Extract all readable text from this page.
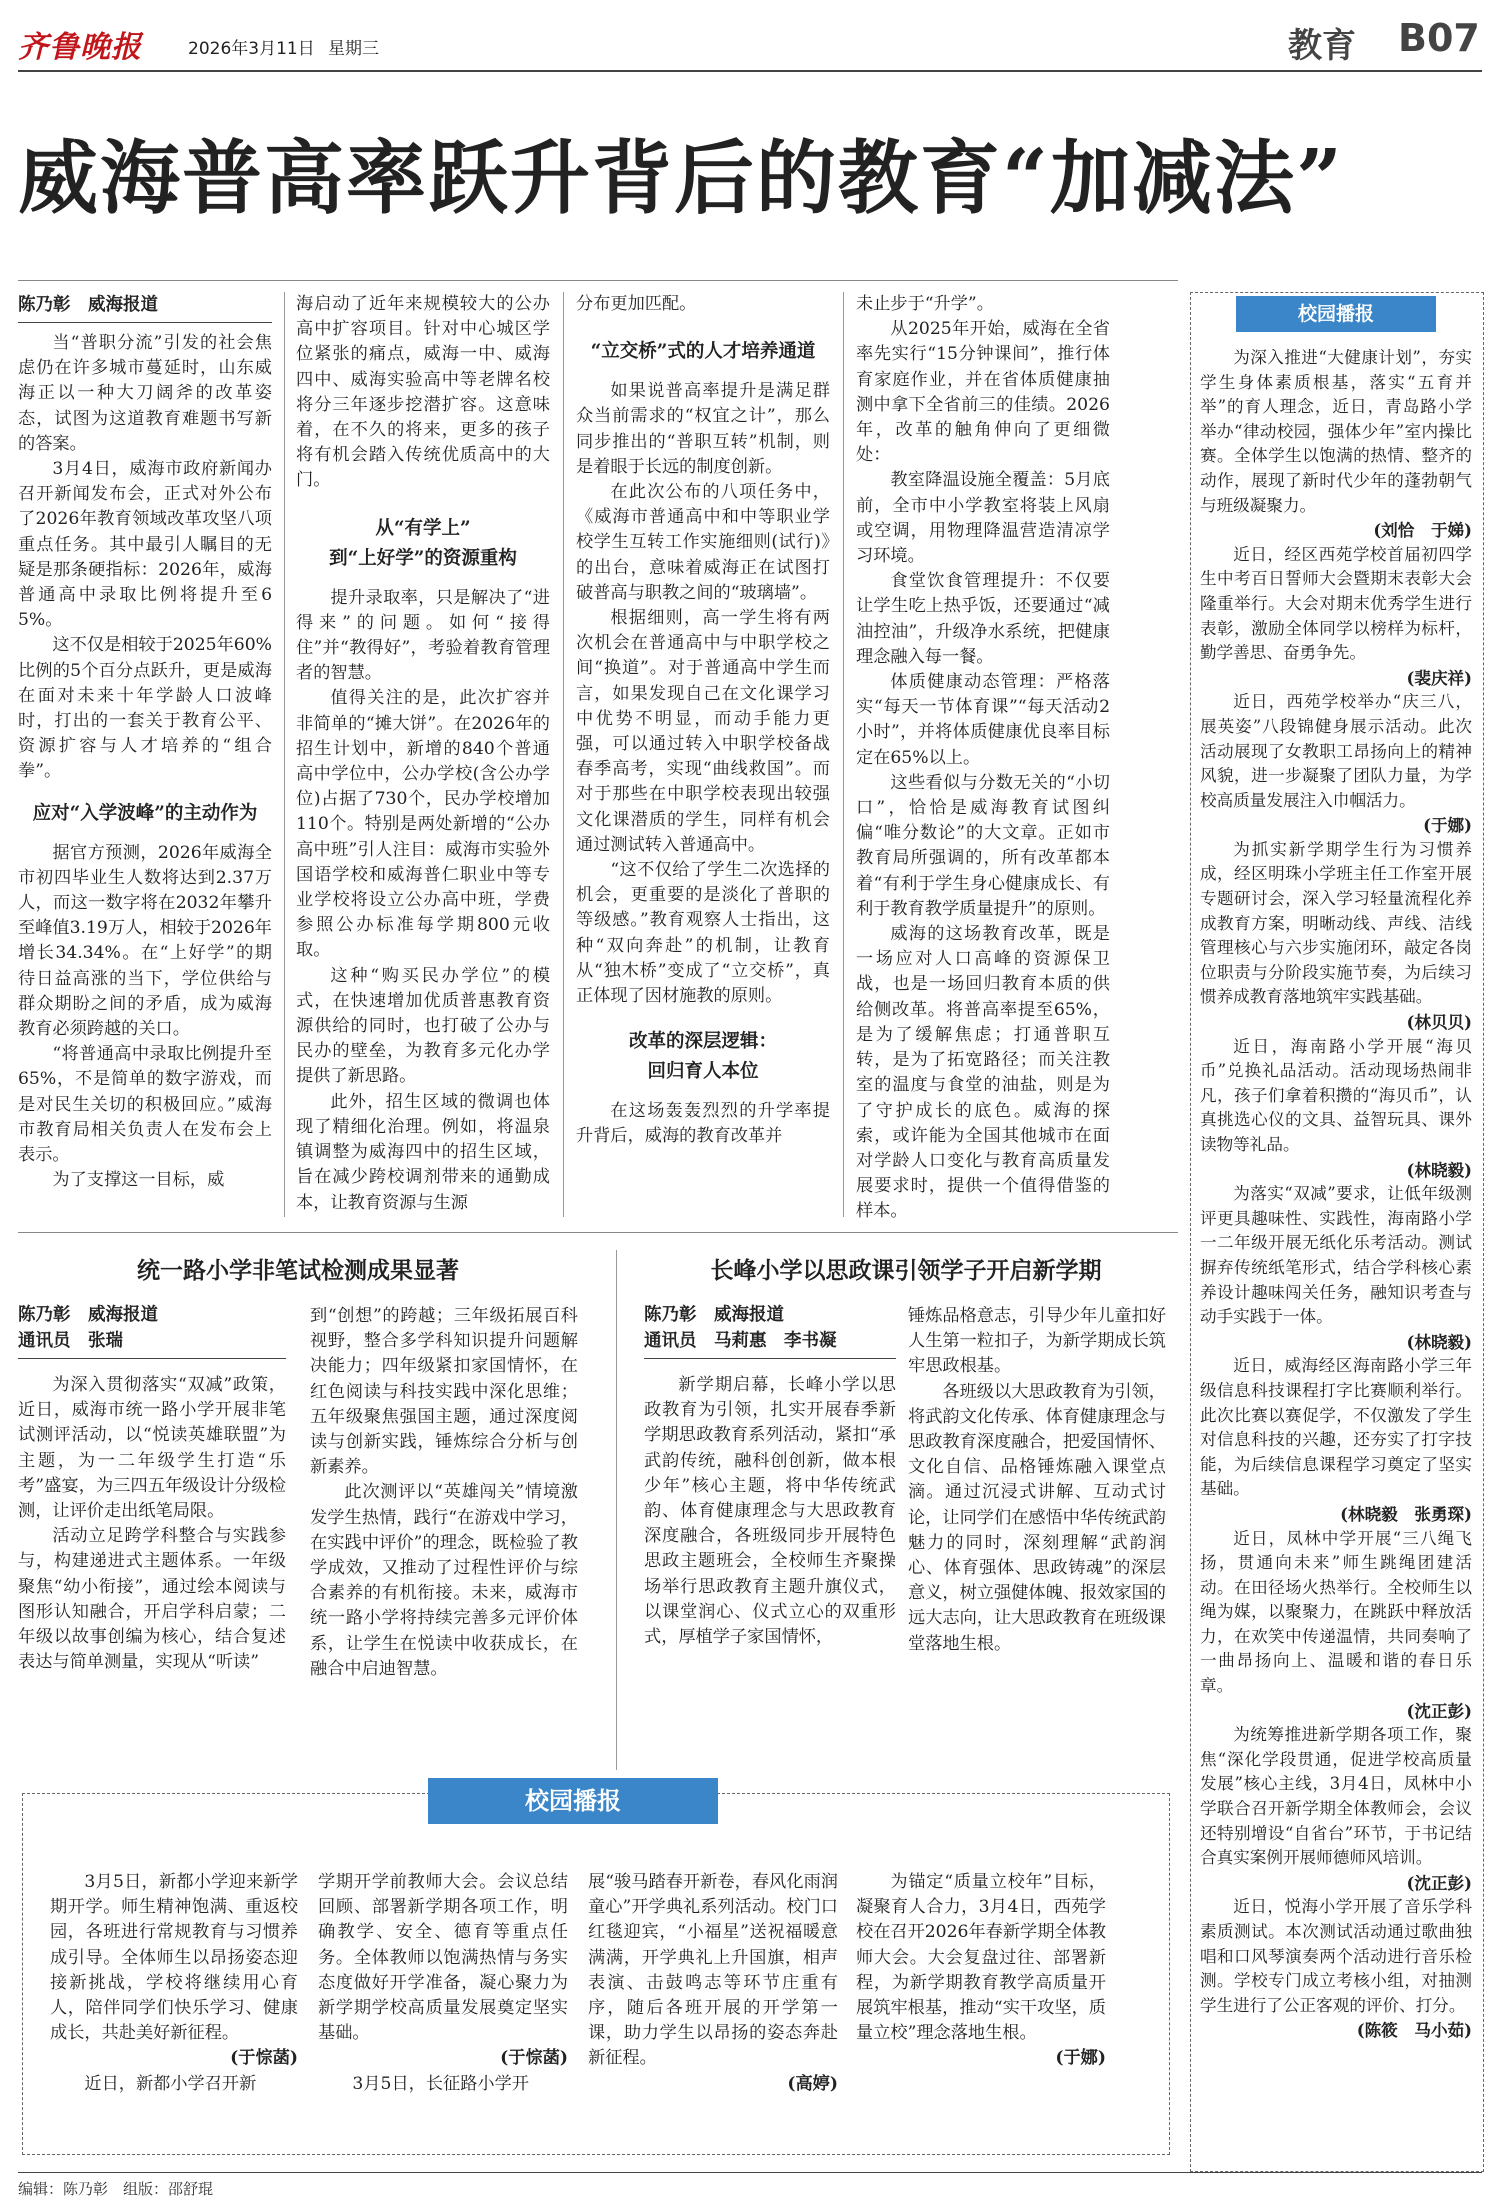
齐鲁晚报	2026年3月11日 星期三	教育 B07
威海普高率跃升背后的教育“加减法”
陈乃彰　威海报道

当“普职分流”引发的社会焦虑仍在许多城市蔓延时，山东威海正以一种大刀阔斧的改革姿态，试图为这道教育难题书写新的答案。

3月4日，威海市政府新闻办召开新闻发布会，正式对外公布了2026年教育领域改革攻坚八项重点任务。其中最引人瞩目的无疑是那条硬指标：2026年，威海普通高中录取比例将提升至65%。

这不仅是相较于2025年60%比例的5个百分点跃升，更是威海在面对未来十年学龄人口波峰时，打出的一套关于教育公平、资源扩容与人才培养的“组合拳”。

应对“入学波峰”的主动作为

据官方预测，2026年威海全市初四毕业生人数将达到2.37万人，而这一数字将在2032年攀升至峰值3.19万人，相较于2026年增长34.34%。在“上好学”的期待日益高涨的当下，学位供给与群众期盼之间的矛盾，成为威海教育必须跨越的关口。

“将普通高中录取比例提升至65%，不是简单的数字游戏，而是对民生关切的积极回应。”威海市教育局相关负责人在发布会上表示。

为了支撑这一目标，威

海启动了近年来规模较大的公办高中扩容项目。针对中心城区学位紧张的痛点，威海一中、威海四中、威海实验高中等老牌名校将分三年逐步挖潜扩容。这意味着，在不久的将来，更多的孩子将有机会踏入传统优质高中的大门。

从“有学上”
到“上好学”的资源重构

提升录取率，只是解决了“进得来”的问题。如何“接得住”并“教得好”，考验着教育管理者的智慧。

值得关注的是，此次扩容并非简单的“摊大饼”。在2026年的招生计划中，新增的840个普通高中学位中，公办学校(含公办学位)占据了730个，民办学校增加110个。特别是两处新增的“公办高中班”引人注目：威海市实验外国语学校和威海普仁职业中等专业学校将设立公办高中班，学费参照公办标准每学期800元收取。

这种“购买民办学位”的模式，在快速增加优质普惠教育资源供给的同时，也打破了公办与民办的壁垒，为教育多元化办学提供了新思路。

此外，招生区域的微调也体现了精细化治理。例如，将温泉镇调整为威海四中的招生区域，旨在减少跨校调剂带来的通勤成本，让教育资源与生源

分布更加匹配。

“立交桥”式的人才培养通道

如果说普高率提升是满足群众当前需求的“权宜之计”，那么同步推出的“普职互转”机制，则是着眼于长远的制度创新。

在此次公布的八项任务中，《威海市普通高中和中等职业学校学生互转工作实施细则(试行)》的出台，意味着威海正在试图打破普高与职教之间的“玻璃墙”。

根据细则，高一学生将有两次机会在普通高中与中职学校之间“换道”。对于普通高中学生而言，如果发现自己在文化课学习中优势不明显，而动手能力更强，可以通过转入中职学校备战春季高考，实现“曲线救国”。而对于那些在中职学校表现出较强文化课潜质的学生，同样有机会通过测试转入普通高中。

“这不仅给了学生二次选择的机会，更重要的是淡化了普职的等级感。”教育观察人士指出，这种“双向奔赴”的机制，让教育从“独木桥”变成了“立交桥”，真正体现了因材施教的原则。

改革的深层逻辑：
回归育人本位

在这场轰轰烈烈的升学率提升背后，威海的教育改革并

未止步于“升学”。

从2025年开始，威海在全省率先实行“15分钟课间”，推行体育家庭作业，并在省体质健康抽测中拿下全省前三的佳绩。2026年，改革的触角伸向了更细微处：

教室降温设施全覆盖：5月底前，全市中小学教室将装上风扇或空调，用物理降温营造清凉学习环境。

食堂饮食管理提升：不仅要让学生吃上热乎饭，还要通过“减油控油”，升级净水系统，把健康理念融入每一餐。

体质健康动态管理：严格落实“每天一节体育课”“每天活动2小时”，并将体质健康优良率目标定在65%以上。

这些看似与分数无关的“小切口”，恰恰是威海教育试图纠偏“唯分数论”的大文章。正如市教育局所强调的，所有改革都本着“有利于学生身心健康成长、有利于教育教学质量提升”的原则。

威海的这场教育改革，既是一场应对人口高峰的资源保卫战，也是一场回归教育本质的供给侧改革。将普高率提至65%，是为了缓解焦虑；打通普职互转，是为了拓宽路径；而关注教室的温度与食堂的油盐，则是为了守护成长的底色。威海的探索，或许能为全国其他城市在面对学龄人口变化与教育高质量发展要求时，提供一个值得借鉴的样本。

统一路小学非笔试检测成果显著
陈乃彰　威海报道
通讯员　张瑞

为深入贯彻落实“双减”政策，近日，威海市统一路小学开展非笔试测评活动，以“悦读英雄联盟”为主题，为一二年级学生打造“乐考”盛宴，为三四五年级设计分级检测，让评价走出纸笔局限。

活动立足跨学科整合与实践参与，构建递进式主题体系。一年级聚焦“幼小衔接”，通过绘本阅读与图形认知融合，开启学科启蒙；二年级以故事创编为核心，结合复述表达与简单测量，实现从“听读”

到“创想”的跨越；三年级拓展百科视野，整合多学科知识提升问题解决能力；四年级紧扣家国情怀，在红色阅读与科技实践中深化思维；五年级聚焦强国主题，通过深度阅读与创新实践，锤炼综合分析与创新素养。

此次测评以“英雄闯关”情境激发学生热情，践行“在游戏中学习，在实践中评价”的理念，既检验了教学成效，又推动了过程性评价与综合素养的有机衔接。未来，威海市统一路小学将持续完善多元评价体系，让学生在悦读中收获成长，在融合中启迪智慧。

长峰小学以思政课引领学子开启新学期
陈乃彰　威海报道
通讯员　马莉惠　李书凝

新学期启幕，长峰小学以思政教育为引领，扎实开展春季新学期思政教育系列活动，紧扣“承武韵传统，融科创创新，做本根少年”核心主题，将中华传统武韵、体育健康理念与大思政教育深度融合，各班级同步开展特色思政主题班会，全校师生齐聚操场举行思政教育主题升旗仪式，以课堂润心、仪式立心的双重形式，厚植学子家国情怀，

锤炼品格意志，引导少年儿童扣好人生第一粒扣子，为新学期成长筑牢思政根基。

各班级以大思政教育为引领，将武韵文化传承、体育健康理念与思政教育深度融合，把爱国情怀、文化自信、品格锤炼融入课堂点滴。通过沉浸式讲解、互动式讨论，让同学们在感悟中华传统武韵魅力的同时，深刻理解“武韵润心、体育强体、思政铸魂”的深层意义，树立强健体魄、报效家国的远大志向，让大思政教育在班级课堂落地生根。

校园播报

3月5日，新都小学迎来新学期开学。师生精神饱满、重返校园，各班进行常规教育与习惯养成引导。全体师生以昂扬姿态迎接新挑战，学校将继续用心育人，陪伴同学们快乐学习、健康成长，共赴美好新征程。

(于悰菡)

近日，新都小学召开新

学期开学前教师大会。会议总结回顾、部署新学期各项工作，明确教学、安全、德育等重点任务。全体教师以饱满热情与务实态度做好开学准备，凝心聚力为新学期学校高质量发展奠定坚实基础。

(于悰菡)

3月5日，长征路小学开

展“骏马踏春开新卷，春风化雨润童心”开学典礼系列活动。校门口红毯迎宾，“小福星”送祝福暖意满满，开学典礼上升国旗，相声表演、击鼓鸣志等环节庄重有序，随后各班开展的开学第一课，助力学生以昂扬的姿态奔赴新征程。

(高婷)

为锚定“质量立校年”目标，凝聚育人合力，3月4日，西苑学校在召开2026年春新学期全体教师大会。大会复盘过往、部署新程，为新学期教育教学高质量开展筑牢根基，推动“实干攻坚，质量立校”理念落地生根。

(于娜)

校园播报

为深入推进“大健康计划”，夯实学生身体素质根基，落实“五育并举”的育人理念，近日，青岛路小学举办“律动校园，强体少年”室内操比赛。全体学生以饱满的热情、整齐的动作，展现了新时代少年的蓬勃朝气与班级凝聚力。

(刘恰　于娣)

近日，经区西苑学校首届初四学生中考百日誓师大会暨期末表彰大会隆重举行。大会对期末优秀学生进行表彰，激励全体同学以榜样为标杆，勤学善思、奋勇争先。

(裴庆祥)

近日，西苑学校举办“庆三八，展英姿”八段锦健身展示活动。此次活动展现了女教职工昂扬向上的精神风貌，进一步凝聚了团队力量，为学校高质量发展注入巾帼活力。

(于娜)

为抓实新学期学生行为习惯养成，经区明珠小学班主任工作室开展专题研讨会，深入学习轻量流程化养成教育方案，明晰动线、声线、洁线管理核心与六步实施闭环，敲定各岗位职责与分阶段实施节奏，为后续习惯养成教育落地筑牢实践基础。

(林贝贝)

近日，海南路小学开展“海贝币”兑换礼品活动。活动现场热闹非凡，孩子们拿着积攒的“海贝币”，认真挑选心仪的文具、益智玩具、课外读物等礼品。

(林晓毅)

为落实“双减”要求，让低年级测评更具趣味性、实践性，海南路小学一二年级开展无纸化乐考活动。测试摒弃传统纸笔形式，结合学科核心素养设计趣味闯关任务，融知识考查与动手实践于一体。

(林晓毅)

近日，威海经区海南路小学三年级信息科技课程打字比赛顺利举行。此次比赛以赛促学，不仅激发了学生对信息科技的兴趣，还夯实了打字技能，为后续信息课程学习奠定了坚实基础。

(林晓毅　张勇琛)

近日，凤林中学开展“三八绳飞扬，贯通向未来”师生跳绳团建活动。在田径场火热举行。全校师生以绳为媒，以聚聚力，在跳跃中释放活力，在欢笑中传递温情，共同奏响了一曲昂扬向上、温暖和谐的春日乐章。

(沈正彭)

为统筹推进新学期各项工作，聚焦“深化学段贯通，促进学校高质量发展”核心主线，3月4日，凤林中小学联合召开新学期全体教师会，会议还特别增设“自省台”环节，于书记结合真实案例开展师德师风培训。

(沈正彭)

近日，悦海小学开展了音乐学科素质测试。本次测试活动通过歌曲独唱和口风琴演奏两个活动进行音乐检测。学校专门成立考核小组，对抽测学生进行了公正客观的评价、打分。

(陈筱　马小茹)

编辑：陈乃彰　组版：邵舒琨
